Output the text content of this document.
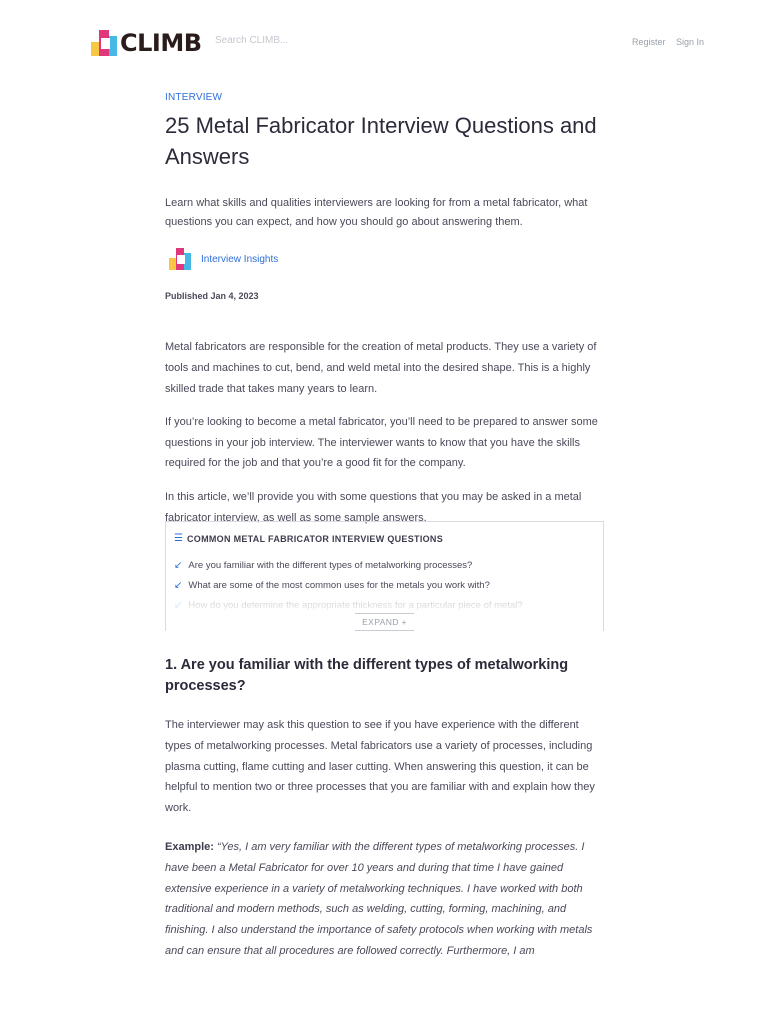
CLIMB Search CLIMB...	Register Sign In
INTERVIEW
25 Metal Fabricator Interview Questions and Answers

Learn what skills and qualities interviewers are looking for from a metal fabricator, what questions you can expect, and how you should go about answering them.

Interview Insights
Published Jan 4, 2023

Metal fabricators are responsible for the creation of metal products. They use a variety of tools and machines to cut, bend, and weld metal into the desired shape. This is a highly skilled trade that takes many years to learn.

If you’re looking to become a metal fabricator, you’ll need to be prepared to answer some questions in your job interview. The interviewer wants to know that you have the skills required for the job and that you’re a good fit for the company.

In this article, we’ll provide you with some questions that you may be asked in a metal fabricator interview, as well as some sample answers.

☰ COMMON METAL FABRICATOR INTERVIEW QUESTIONS
↙ Are you familiar with the different types of metalworking processes?
↙ What are some of the most common uses for the metals you work with?
EXPAND +
1. Are you familiar with the different types of metalworking processes?

The interviewer may ask this question to see if you have experience with the different types of metalworking processes. Metal fabricators use a variety of processes, including plasma cutting, flame cutting and laser cutting. When answering this question, it can be helpful to mention two or three processes that you are familiar with and explain how they work.

Example: “Yes, I am very familiar with the different types of metalworking processes. I have been a Metal Fabricator for over 10 years and during that time I have gained extensive experience in a variety of metalworking techniques. I have worked with both traditional and modern methods, such as welding, cutting, forming, machining, and finishing. I also understand the importance of safety protocols when working with metals and can ensure that all procedures are followed correctly. Furthermore, I am
